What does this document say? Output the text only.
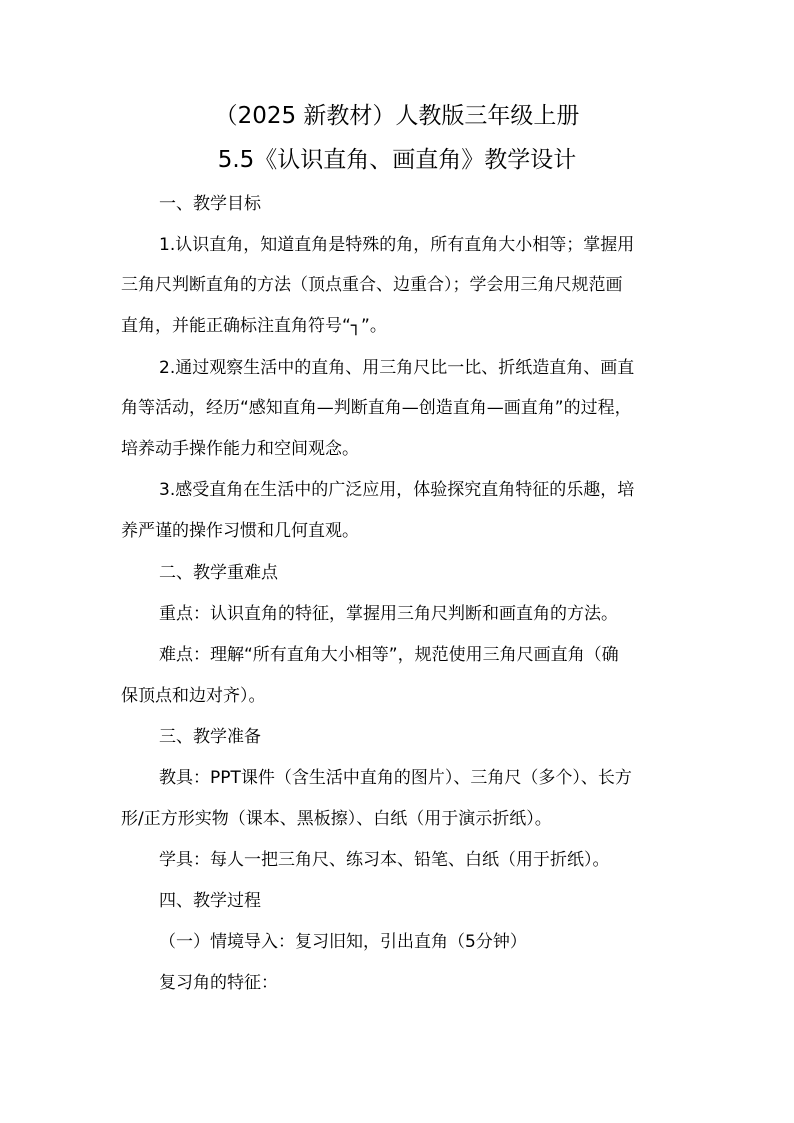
（2025 新教材）人教版三年级上册
5.5《认识直角、画直角》教学设计
一、教学目标
1.认识直角，知道直角是特殊的角，所有直角大小相等；掌握用
三角尺判断直角的方法（顶点重合、边重合）；学会用三角尺规范画
直角，并能正确标注直角符号“┐”。
2.通过观察生活中的直角、用三角尺比一比、折纸造直角、画直
角等活动，经历“感知直角—判断直角—创造直角—画直角”的过程，
培养动手操作能力和空间观念。
3.感受直角在生活中的广泛应用，体验探究直角特征的乐趣，培
养严谨的操作习惯和几何直观。
二、教学重难点
重点：认识直角的特征，掌握用三角尺判断和画直角的方法。
难点：理解“所有直角大小相等”，规范使用三角尺画直角（确
保顶点和边对齐）。
三、教学准备
教具：PPT课件（含生活中直角的图片）、三角尺（多个）、长方
形/正方形实物（课本、黑板擦）、白纸（用于演示折纸）。
学具：每人一把三角尺、练习本、铅笔、白纸（用于折纸）。
四、教学过程
（一）情境导入：复习旧知，引出直角（5分钟）
复习角的特征：
